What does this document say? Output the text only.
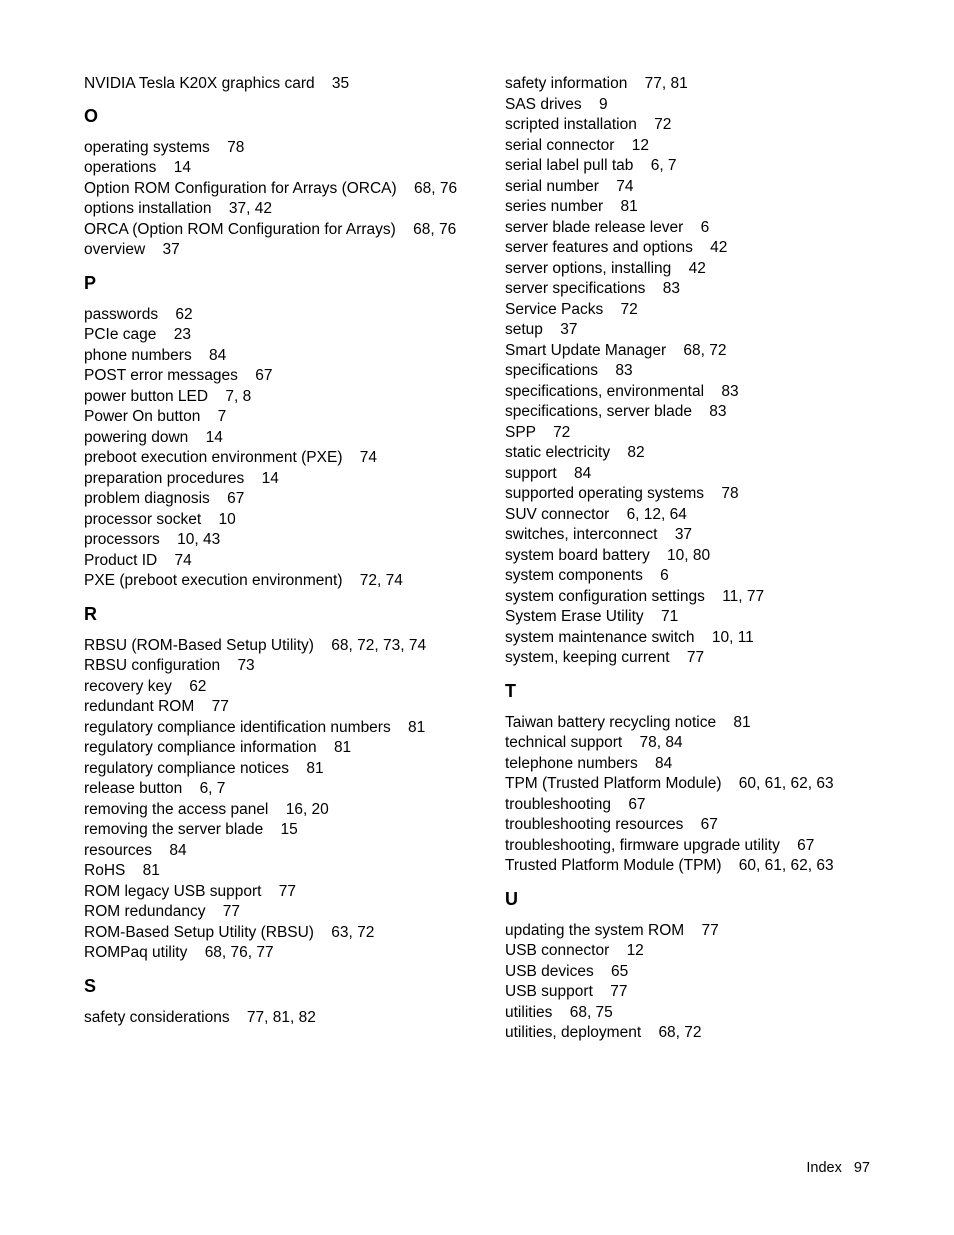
NVIDIA Tesla K20X graphics card 35
O
operating systems 78
operations 14
Option ROM Configuration for Arrays (ORCA) 68, 76
options installation 37, 42
ORCA (Option ROM Configuration for Arrays) 68, 76
overview 37
P
passwords 62
PCIe cage 23
phone numbers 84
POST error messages 67
power button LED 7, 8
Power On button 7
powering down 14
preboot execution environment (PXE) 74
preparation procedures 14
problem diagnosis 67
processor socket 10
processors 10, 43
Product ID 74
PXE (preboot execution environment) 72, 74
R
RBSU (ROM-Based Setup Utility) 68, 72, 73, 74
RBSU configuration 73
recovery key 62
redundant ROM 77
regulatory compliance identification numbers 81
regulatory compliance information 81
regulatory compliance notices 81
release button 6, 7
removing the access panel 16, 20
removing the server blade 15
resources 84
RoHS 81
ROM legacy USB support 77
ROM redundancy 77
ROM-Based Setup Utility (RBSU) 63, 72
ROMPaq utility 68, 76, 77
S
safety considerations 77, 81, 82
safety information 77, 81
SAS drives 9
scripted installation 72
serial connector 12
serial label pull tab 6, 7
serial number 74
series number 81
server blade release lever 6
server features and options 42
server options, installing 42
server specifications 83
Service Packs 72
setup 37
Smart Update Manager 68, 72
specifications 83
specifications, environmental 83
specifications, server blade 83
SPP 72
static electricity 82
support 84
supported operating systems 78
SUV connector 6, 12, 64
switches, interconnect 37
system board battery 10, 80
system components 6
system configuration settings 11, 77
System Erase Utility 71
system maintenance switch 10, 11
system, keeping current 77
T
Taiwan battery recycling notice 81
technical support 78, 84
telephone numbers 84
TPM (Trusted Platform Module) 60, 61, 62, 63
troubleshooting 67
troubleshooting resources 67
troubleshooting, firmware upgrade utility 67
Trusted Platform Module (TPM) 60, 61, 62, 63
U
updating the system ROM 77
USB connector 12
USB devices 65
USB support 77
utilities 68, 75
utilities, deployment 68, 72
Index 97
